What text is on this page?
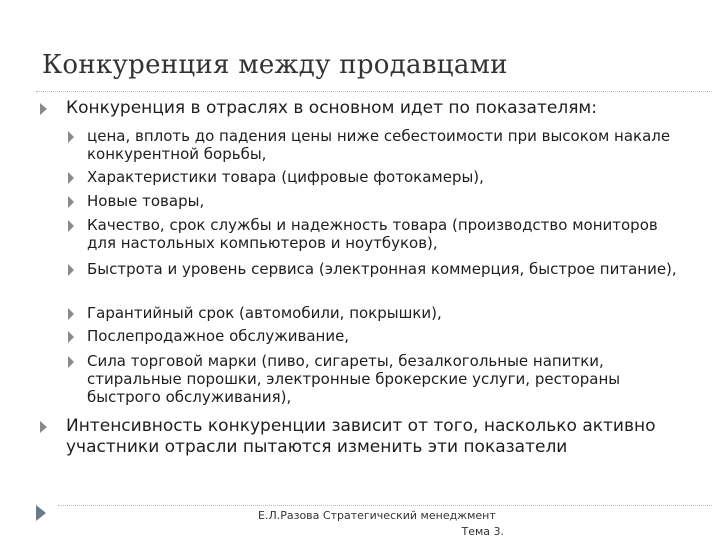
Конкуренция между продавцами
Конкуренция в отраслях в основном идет по показателям:
цена, вплоть до падения цены ниже себестоимости при высоком накале конкурентной борьбы,
Характеристики товара (цифровые фотокамеры),
Новые товары,
Качество, срок службы и надежность товара (производство мониторов для настольных компьютеров и ноутбуков),
Быстрота и уровень сервиса (электронная коммерция, быстрое питание),
Гарантийный срок (автомобили, покрышки),
Послепродажное обслуживание,
Сила торговой марки (пиво, сигареты, безалкогольные напитки, стиральные порошки, электронные брокерские услуги, рестораны быстрого обслуживания),
Интенсивность конкуренции зависит от того, насколько активно участники отрасли пытаются изменить эти показатели
Е.Л.Разова Стратегический менеджмент
Тема 3.
